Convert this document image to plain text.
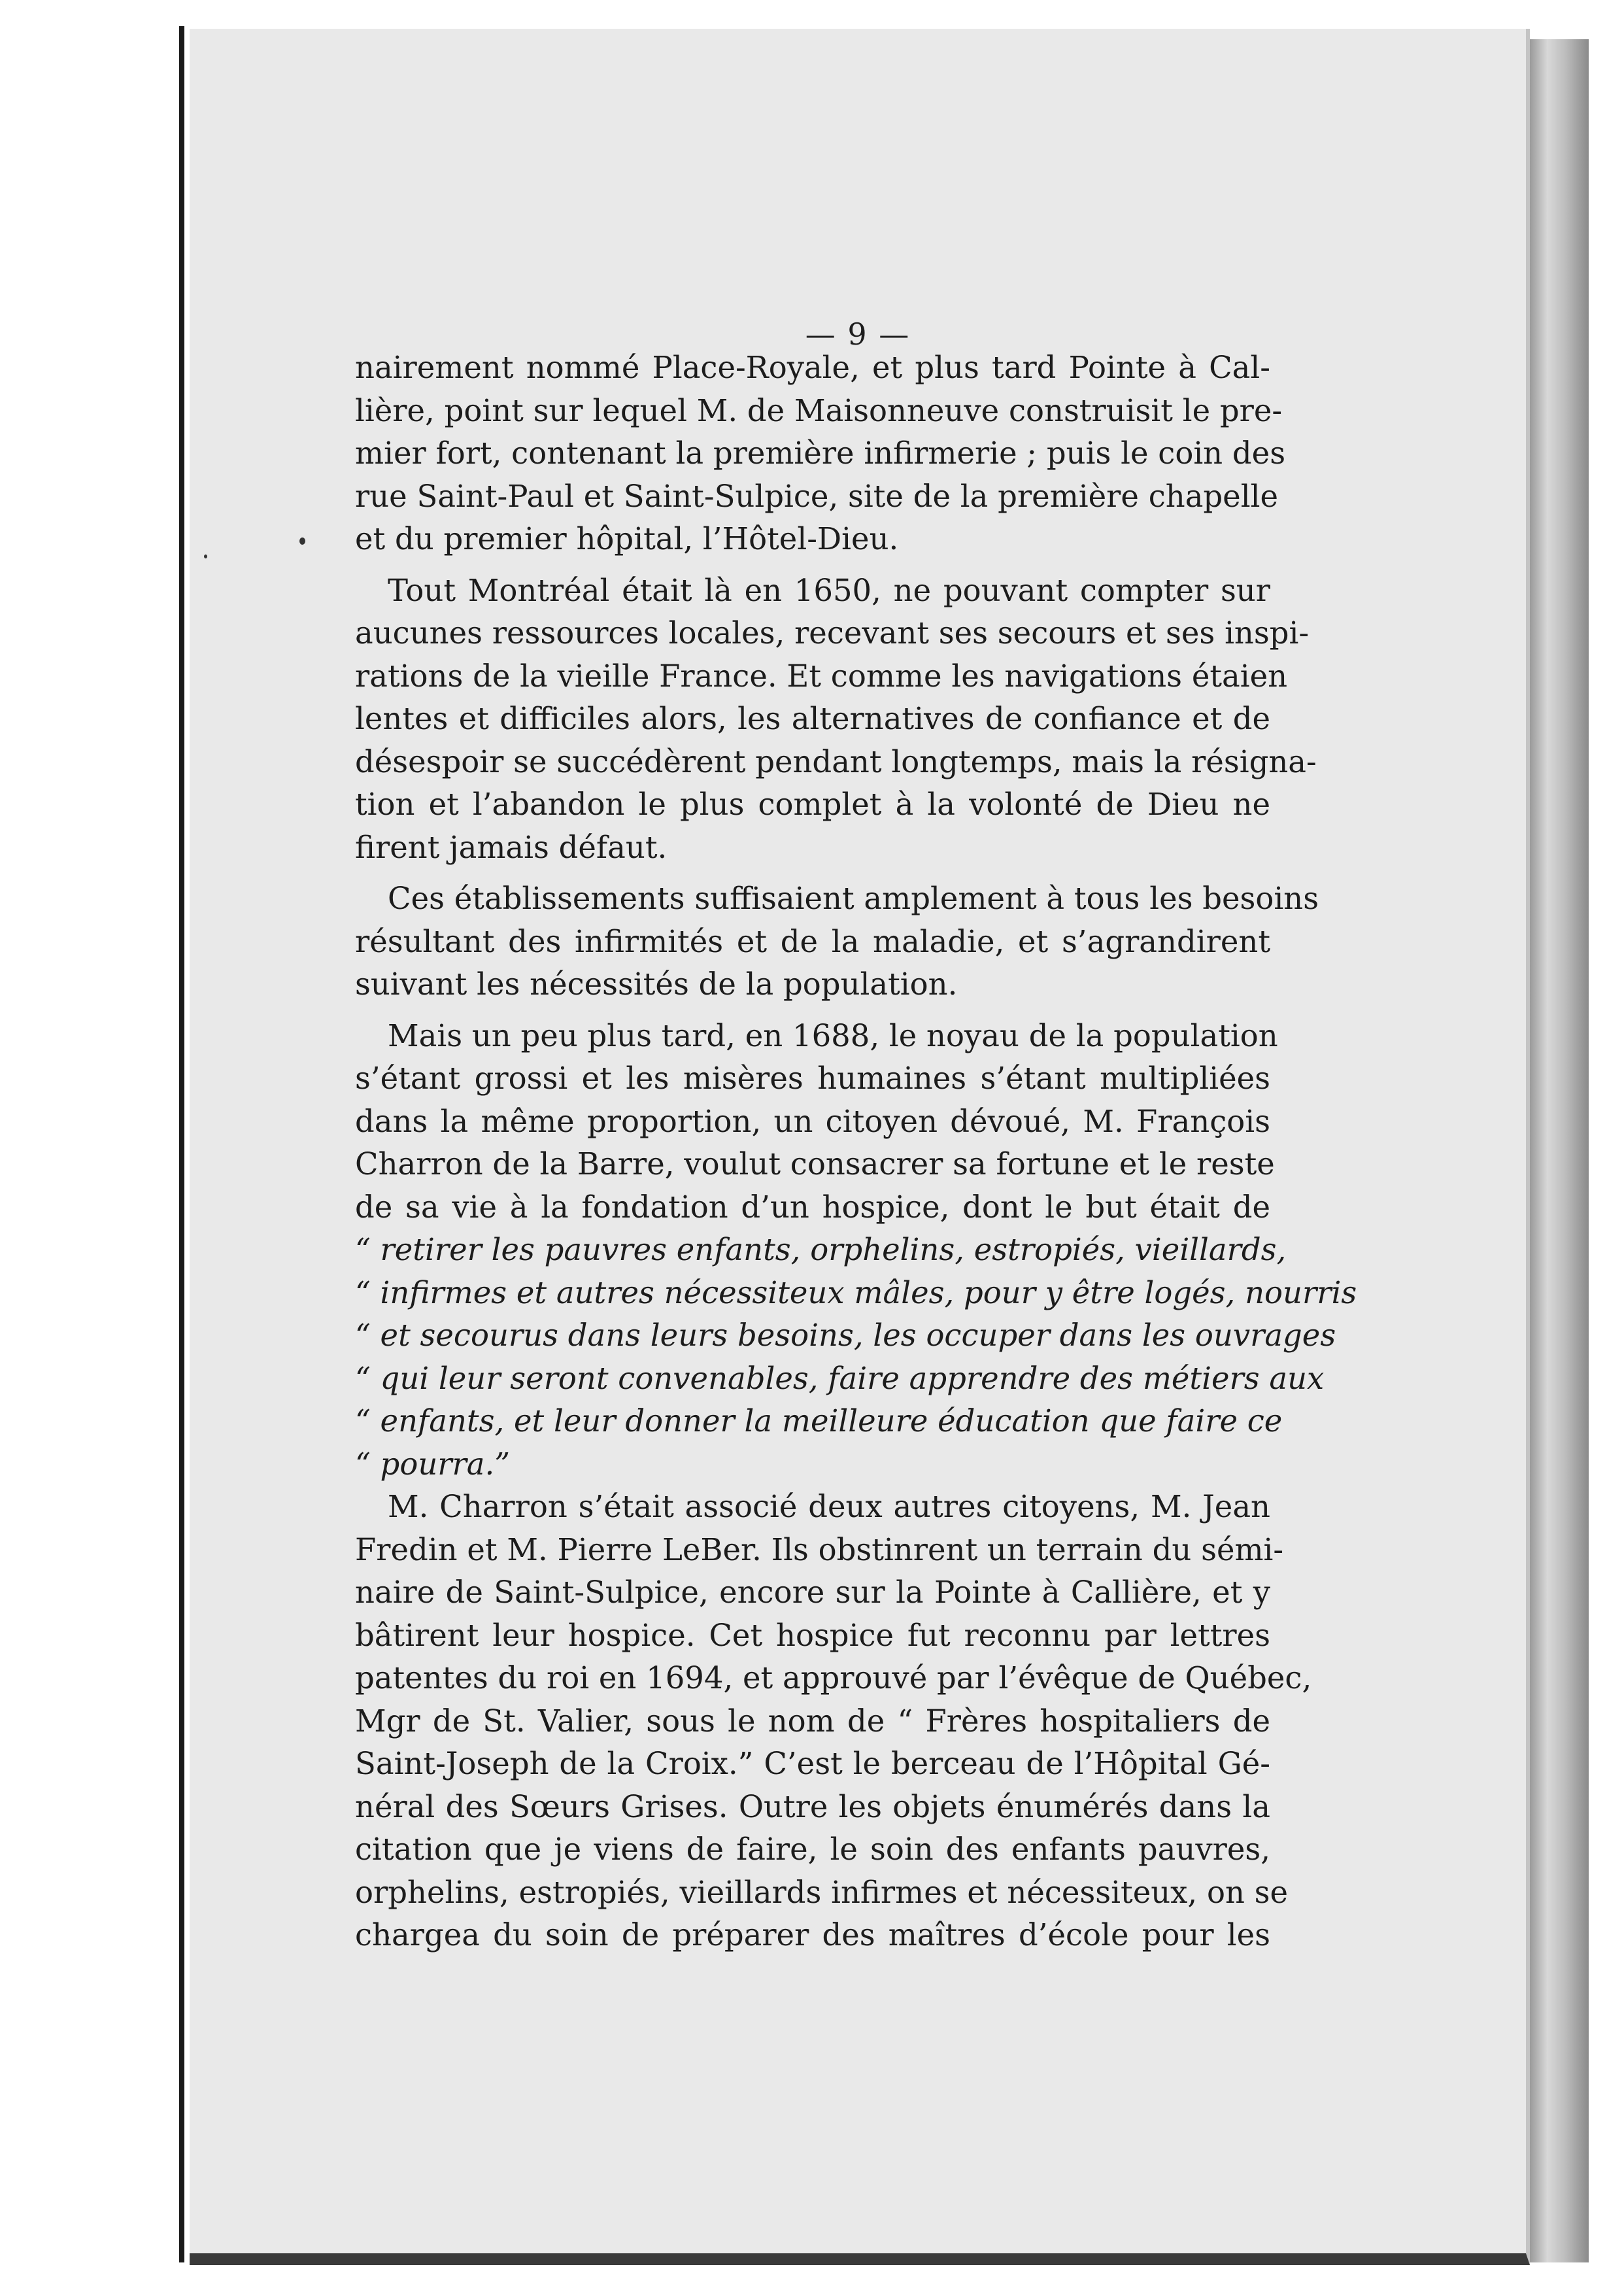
— 9 —
nairement nommé Place-Royale, et plus tard Pointe à Cal-
lière, point sur lequel M. de Maisonneuve construisit le pre-
mier fort, contenant la première infirmerie ; puis le coin des
rue Saint-Paul et Saint-Sulpice, site de la première chapelle
et du premier hôpital, l’Hôtel-Dieu.
Tout Montréal était là en 1650, ne pouvant compter sur
aucunes ressources locales, recevant ses secours et ses inspi-
rations de la vieille France. Et comme les navigations étaien
lentes et difficiles alors, les alternatives de confiance et de
désespoir se succédèrent pendant longtemps, mais la résigna-
tion et l’abandon le plus complet à la volonté de Dieu ne
firent jamais défaut.
Ces établissements suffisaient amplement à tous les besoins
résultant des infirmités et de la maladie, et s’agrandirent
suivant les nécessités de la population.
Mais un peu plus tard, en 1688, le noyau de la population
s’étant grossi et les misères humaines s’étant multipliées
dans la même proportion, un citoyen dévoué, M. François
Charron de la Barre, voulut consacrer sa fortune et le reste
de sa vie à la fondation d’un hospice, dont le but était de
“ retirer les pauvres enfants, orphelins, estropiés, vieillards,
“ infirmes et autres nécessiteux mâles, pour y être logés, nourris
“ et secourus dans leurs besoins, les occuper dans les ouvrages
“ qui leur seront convenables, faire apprendre des métiers aux
“ enfants, et leur donner la meilleure éducation que faire ce
“ pourra.”
M. Charron s’était associé deux autres citoyens, M. Jean
Fredin et M. Pierre LeBer. Ils obstinrent un terrain du sémi-
naire de Saint-Sulpice, encore sur la Pointe à Callière, et y
bâtirent leur hospice. Cet hospice fut reconnu par lettres
patentes du roi en 1694, et approuvé par l’évêque de Québec,
Mgr de St. Valier, sous le nom de “ Frères hospitaliers de
Saint-Joseph de la Croix.” C’est le berceau de l’Hôpital Gé-
néral des Sœurs Grises. Outre les objets énumérés dans la
citation que je viens de faire, le soin des enfants pauvres,
orphelins, estropiés, vieillards infirmes et nécessiteux, on se
chargea du soin de préparer des maîtres d’école pour les
